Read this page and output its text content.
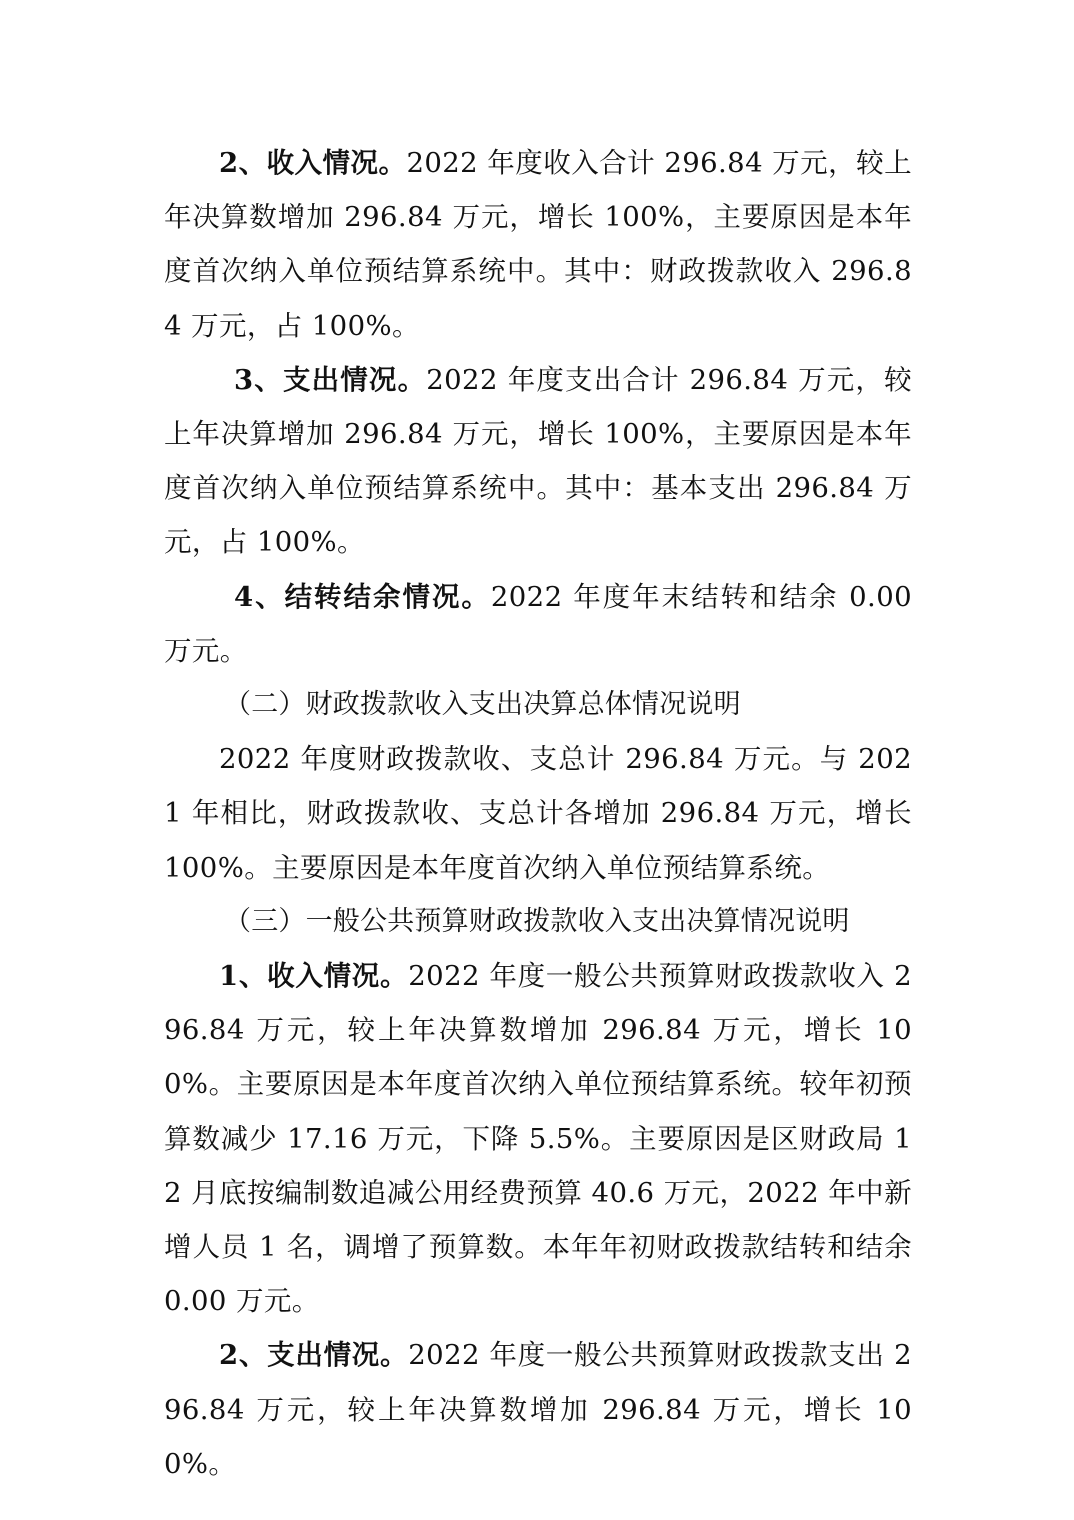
2、收入情况。2022 年度收入合计 296.84 万元，较上年决算数增加 296.84 万元，增长 100%，主要原因是本年度首次纳入单位预结算系统中。其中：财政拨款收入 296.84 万元，占 100%。

3、支出情况。2022 年度支出合计 296.84 万元，较上年决算增加 296.84 万元，增长 100%，主要原因是本年度首次纳入单位预结算系统中。其中：基本支出 296.84 万元，占 100%。

4、结转结余情况。2022 年度年末结转和结余 0.00 万元。

（二）财政拨款收入支出决算总体情况说明

2022 年度财政拨款收、支总计 296.84 万元。与 2021 年相比，财政拨款收、支总计各增加 296.84 万元，增长 100%。主要原因是本年度首次纳入单位预结算系统。

（三）一般公共预算财政拨款收入支出决算情况说明

1、收入情况。2022 年度一般公共预算财政拨款收入 296.84 万元，较上年决算数增加 296.84 万元，增长 100%。主要原因是本年度首次纳入单位预结算系统。较年初预算数减少 17.16 万元，下降 5.5%。主要原因是区财政局 12 月底按编制数追减公用经费预算 40.6 万元，2022 年中新增人员 1 名，调增了预算数。本年年初财政拨款结转和结余 0.00 万元。

2、支出情况。2022 年度一般公共预算财政拨款支出 296.84 万元，较上年决算数增加 296.84 万元，增长 100%。
